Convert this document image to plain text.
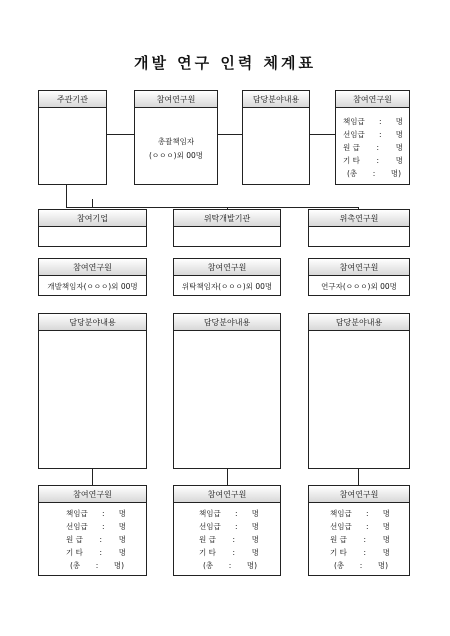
개발 연구 인력 체계표
주관기관	참여연구원
총괄책임자
(ㅇㅇㅇ)외 00명
담당분야내용	참여연구원
책임급 : 명
선임급 : 명
원 급 : 명
기 타 : 명
(총 : 명)
참여기업
참여연구원
개발책임자(ㅇㅇㅇ)외 00명
담당분야내용
참여연구원
위탁개발기관
참여연구원
위탁책임자(ㅇㅇㅇ)외 00명
담당분야내용
참여연구원
위촉연구원
참여연구원
연구자(ㅇㅇㅇ)외 00명
담당분야내용
참여연구원
책임급 : 명
선임급 : 명
원 급 : 명
기 타 : 명
(총 : 명)
책임급 : 명
선임급 : 명
원 급 : 명
기 타 : 명
(총 : 명)
책임급 : 명
선임급 : 명
원 급 : 명
기 타 : 명
(총 : 명)
